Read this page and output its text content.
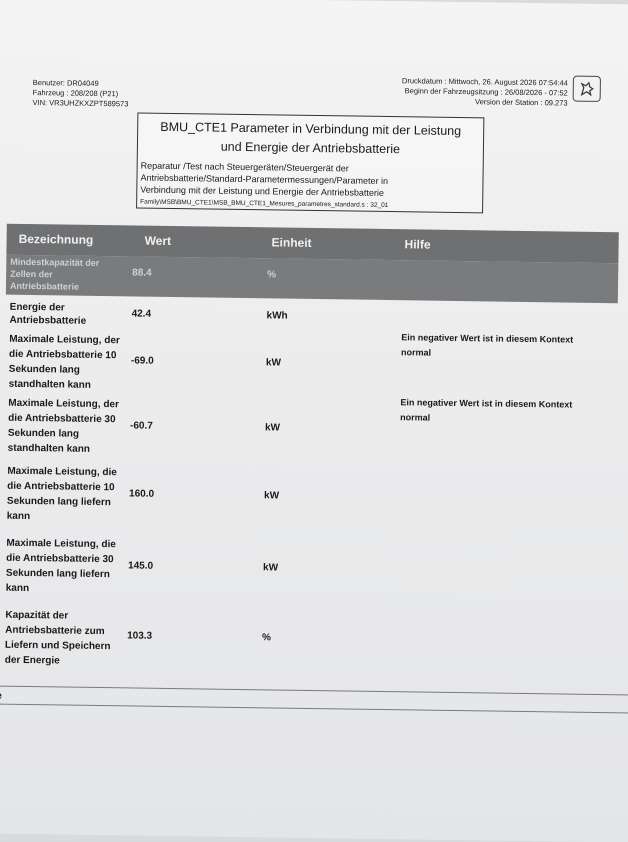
Benutzer: DR04049
Fahrzeug : 208/208 (P21)
VIN: VR3UHZKXZPT589573
Druckdatum : Mittwoch, 26. August 2026 07:54:44
Beginn der Fahrzeugsitzung : 26/08/2026 - 07:52
Version der Station : 09.273
BMU_CTE1 Parameter in Verbindung mit der Leistung
und Energie der Antriebsbatterie
Reparatur /Test nach Steuergeräten/Steuergerät der
Antriebsbatterie/Standard-Parametermessungen/Parameter in
Verbindung mit der Leistung und Energie der Antriebsbatterie
Family\MSB\BMU_CTE1\MSB_BMU_CTE1_Mesures_parametres_standard.s : 32_01
Bezeichnung	Wert	Einheit	Hilfe
Mindestkapazität der
Zellen der
Antriebsbatterie
88.4	%
Energie der
Antriebsbatterie
42.4	kWh
Maximale Leistung, der
die Antriebsbatterie 10
Sekunden lang
standhalten kann
-69.0	kW
Ein negativer Wert ist in diesem Kontext
normal
Maximale Leistung, der
die Antriebsbatterie 30
Sekunden lang
standhalten kann
-60.7	kW
Ein negativer Wert ist in diesem Kontext
normal
Maximale Leistung, die
die Antriebsbatterie 10
Sekunden lang liefern
kann
160.0	kW
Maximale Leistung, die
die Antriebsbatterie 30
Sekunden lang liefern
kann
145.0	kW
Kapazität der
Antriebsbatterie zum
Liefern und Speichern
der Energie
103.3	%
